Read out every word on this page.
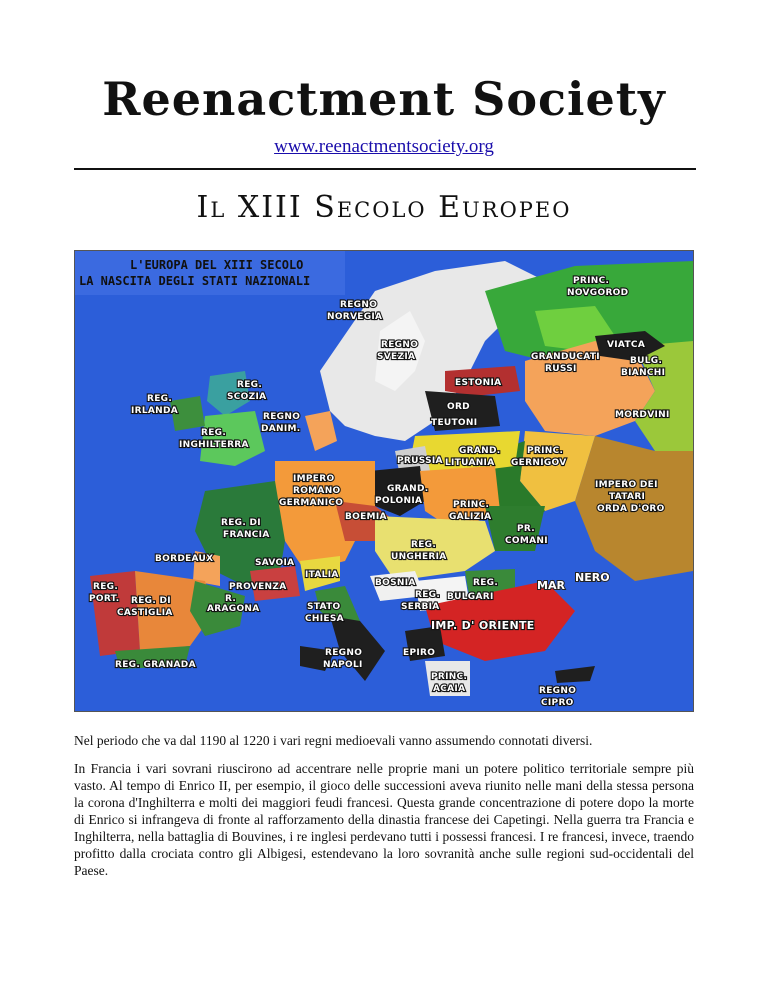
Reenactment Society
www.reenactmentsociety.org
Il XIII Secolo Europeo
L'EUROPA DEL XIII SECOLO
LA NASCITA DEGLI STATI NAZIONALI	PRINC.
NOVGOROD
REGNO
NORVEGIA
REGNO
SVEZIA
VIATCA
GRANDUCATI
RUSSI
BULG.
BIANCHI
ESTONIA
ORD
TEUTONI
MORDVINI
REG.
IRLANDA
REG.
SCOZIA
REG.
INGHILTERRA
REGNO
DANIM.
PRUSSIA
GRAND.
LITUANIA
PRINC.
GERNIGOV
IMPERO DEI
TATARI
ORDA D'ORO
IMPERO
ROMANO
GERMANICO
GRAND.
POLONIA	PRINC.
GALIZIA
BOEMIA
REG. DI
FRANCIA
PR.
COMANI
REG.
UNGHERIA
BORDEAUX	SAVOIA
ITALIA
PROVENZA
REG.
PORT. REG. DI
CASTIGLIA
R.
ARAGONA
BOSNIA
REG.
SERBIA
REG.
BULGARI
MAR
NERO
STATO
CHIESA	IMP. D' ORIENTE
REGNO
NAPOLI
EPIRO
PRINC.
ACAIA
REG. GRANADA
REGNO
CIPRO

Nel periodo che va dal 1190 al 1220 i vari regni medioevali vanno assumendo connotati diversi.

In Francia i vari sovrani riuscirono ad accentrare nelle proprie mani un potere politico territoriale sempre più vasto. Al tempo di Enrico II, per esempio, il gioco delle successioni aveva riunito nelle mani della stessa persona la corona d'Inghilterra e molti dei maggiori feudi francesi. Questa grande concentrazione di potere dopo la morte di Enrico si infrangeva di fronte al rafforzamento della dinastia francese dei Capetingi. Nella guerra tra Francia e Inghilterra, nella battaglia di Bouvines, i re inglesi perdevano tutti i possessi francesi. I re francesi, invece, traendo profitto dalla crociata contro gli Albigesi, estendevano la loro sovranità anche sulle regioni sud-occidentali del Paese.
